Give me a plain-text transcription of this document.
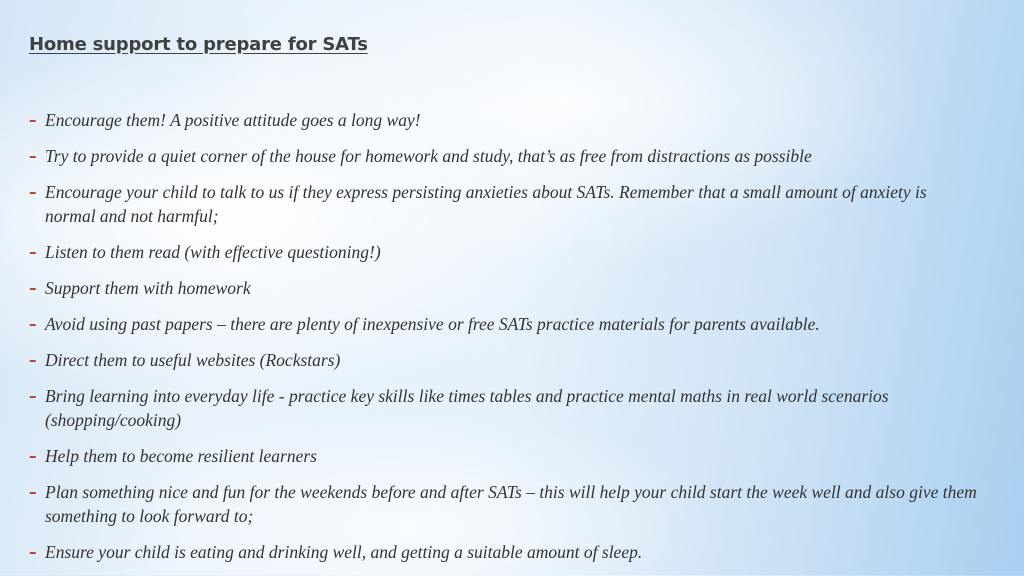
Home support to prepare for SATs
– Encourage them! A positive attitude goes a long way!
– Try to provide a quiet corner of the house for homework and study, that’s as free from distractions as possible
– Encourage your child to talk to us if they express persisting anxieties about SATs. Remember that a small amount of anxiety is normal and not harmful;
– Listen to them read (with effective questioning!)
– Support them with homework
– Avoid using past papers – there are plenty of inexpensive or free SATs practice materials for parents available.
– Direct them to useful websites (Rockstars)
– Bring learning into everyday life - practice key skills like times tables and practice mental maths in real world scenarios (shopping/cooking)
– Help them to become resilient learners
– Plan something nice and fun for the weekends before and after SATs – this will help your child start the week well and also give them something to look forward to;
– Ensure your child is eating and drinking well, and getting a suitable amount of sleep.
